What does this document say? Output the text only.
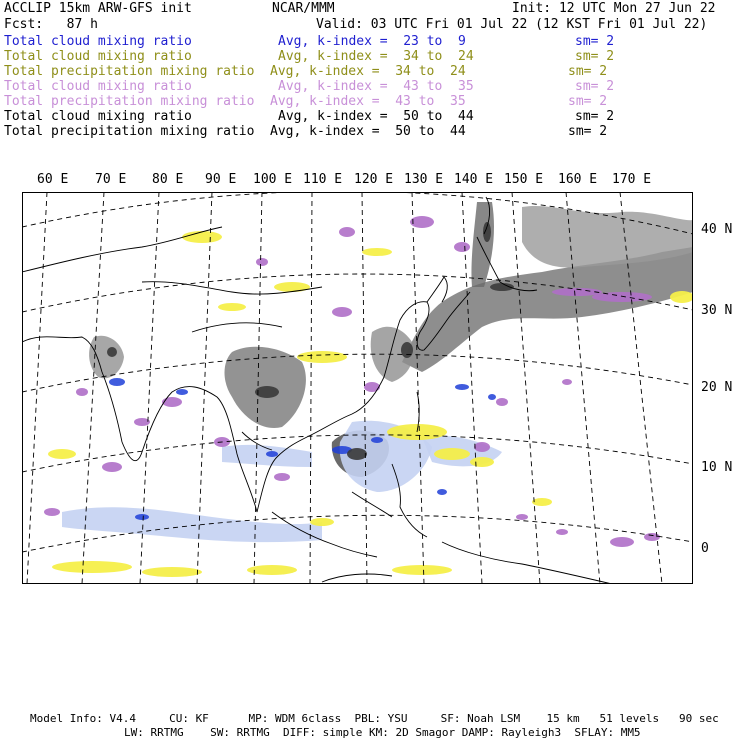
ACCLIP 15km ARW-GFS init	NCAR/MMM	Init: 12 UTC Mon 27 Jun 22
Fcst:   87 h	Valid: 03 UTC Fri 01 Jul 22 (12 KST Fri 01 Jul 22)
Total cloud mixing ratio	Avg, k-index =  23 to  9	sm= 2
Total cloud mixing ratio	Avg, k-index =  34 to  24	sm= 2
Total precipitation mixing ratio Avg, k-index =  34 to  24	sm= 2
Total cloud mixing ratio	Avg, k-index =  43 to  35	sm= 2
Total precipitation mixing ratio Avg, k-index =  43 to  35	sm= 2
Total cloud mixing ratio	Avg, k-index =  50 to  44	sm= 2
Total precipitation mixing ratio Avg, k-index =  50 to  44	sm= 2
60 E 70 E 80 E 90 E 100 E 110 E 120 E 130 E 140 E 150 E 160 E 170 E
40 N
30 N
20 N
10 N
0
Model Info: V4.4     CU: KF      MP: WDM 6class  PBL: YSU     SF: Noah LSM    15 km   51 levels   90 sec
LW: RRTMG    SW: RRTMG  DIFF: simple KM: 2D Smagor DAMP: Rayleigh3  SFLAY: MM5
